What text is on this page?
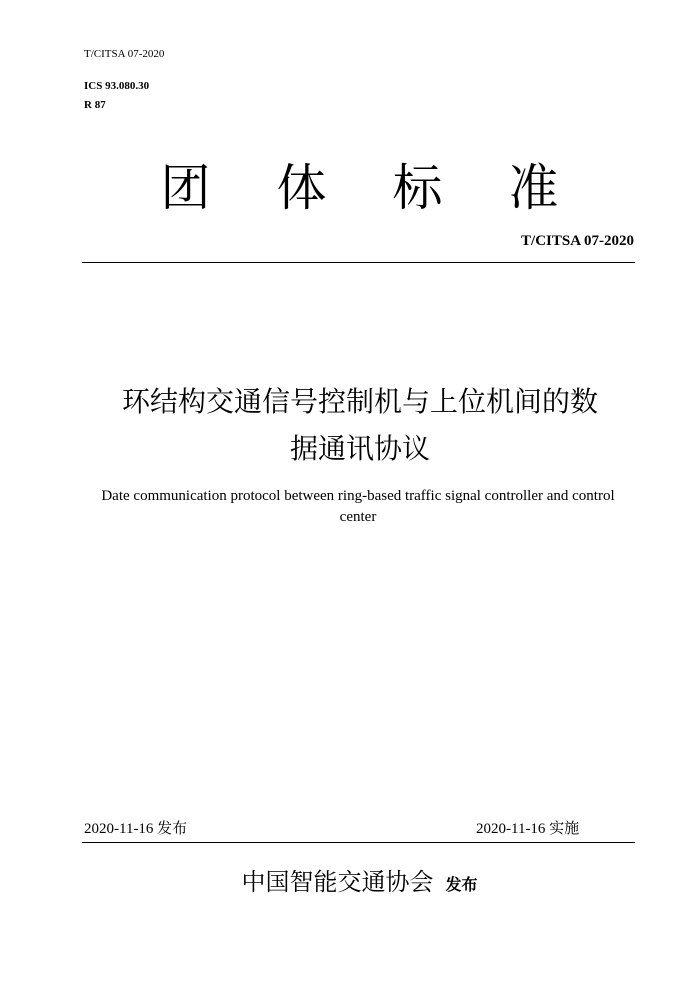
T/CITSA 07-2020
ICS 93.080.30
R 87
团体标准
T/CITSA 07-2020
环结构交通信号控制机与上位机间的数
据通讯协议
Date communication protocol between ring-based traffic signal controller and control center
2020-11-16 发布	2020-11-16 实施
中国智能交通协会 发布
